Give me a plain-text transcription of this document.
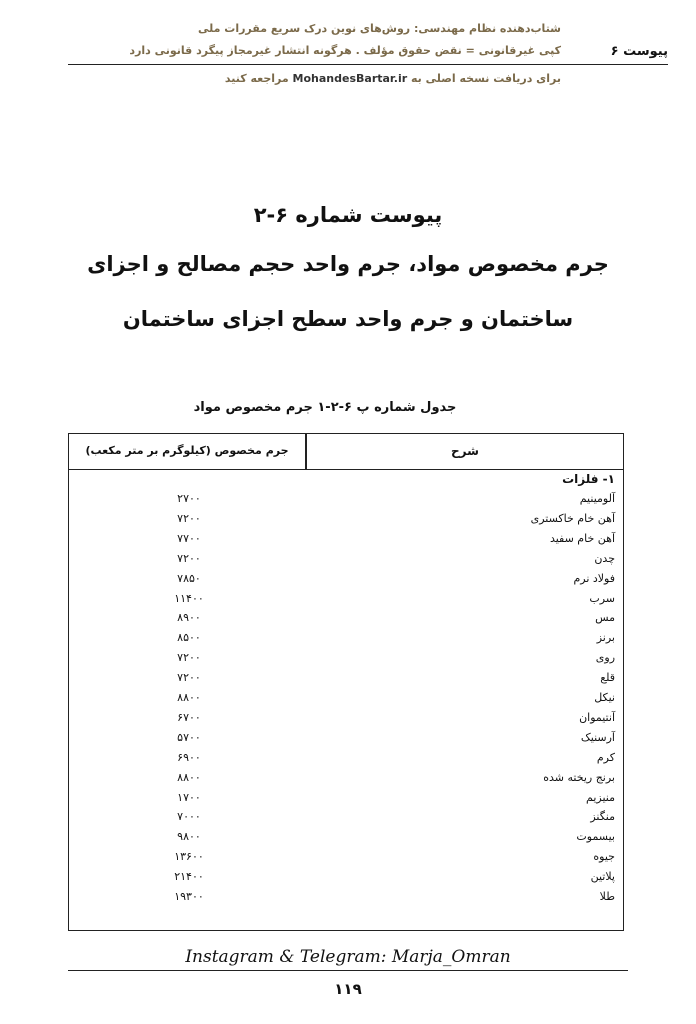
شتاب‌دهنده نظام مهندسی: روش‌های نوین درک سریع مقررات ملی
کپی غیرقانونی = نقض حقوق مؤلف . هرگونه انتشار غیرمجاز پیگرد قانونی دارد	پیوست ۶
برای دریافت نسخه اصلی به MohandesBartar.ir مراجعه کنید
پیوست شماره ۶-۲
جرم مخصوص مواد، جرم واحد حجم مصالح و اجزای
ساختمان و جرم واحد سطح اجزای ساختمان
جدول شماره پ ۶-۲-۱ جرم مخصوص مواد
شرح
جرم مخصوص (کیلوگرم بر متر مکعب)
۱- فلزات
آلومینیم
۲۷۰۰
آهن خام خاکستری
۷۲۰۰
آهن خام سفید
۷۷۰۰
چدن
۷۲۰۰
فولاد نرم
۷۸۵۰
سرب
۱۱۴۰۰
مس
۸۹۰۰
برنز
۸۵۰۰
روی
۷۲۰۰
قلع
۷۲۰۰
نیکل
۸۸۰۰
آنتیموان
۶۷۰۰
آرسنیک
۵۷۰۰
کرم
۶۹۰۰
برنج ریخته شده
۸۸۰۰
منیزیم
۱۷۰۰
منگنز
۷۰۰۰
بیسموت
۹۸۰۰
جیوه
۱۳۶۰۰
پلاتین
۲۱۴۰۰
طلا
۱۹۳۰۰
Instagram & Telegram: Marja_Omran
۱۱۹
